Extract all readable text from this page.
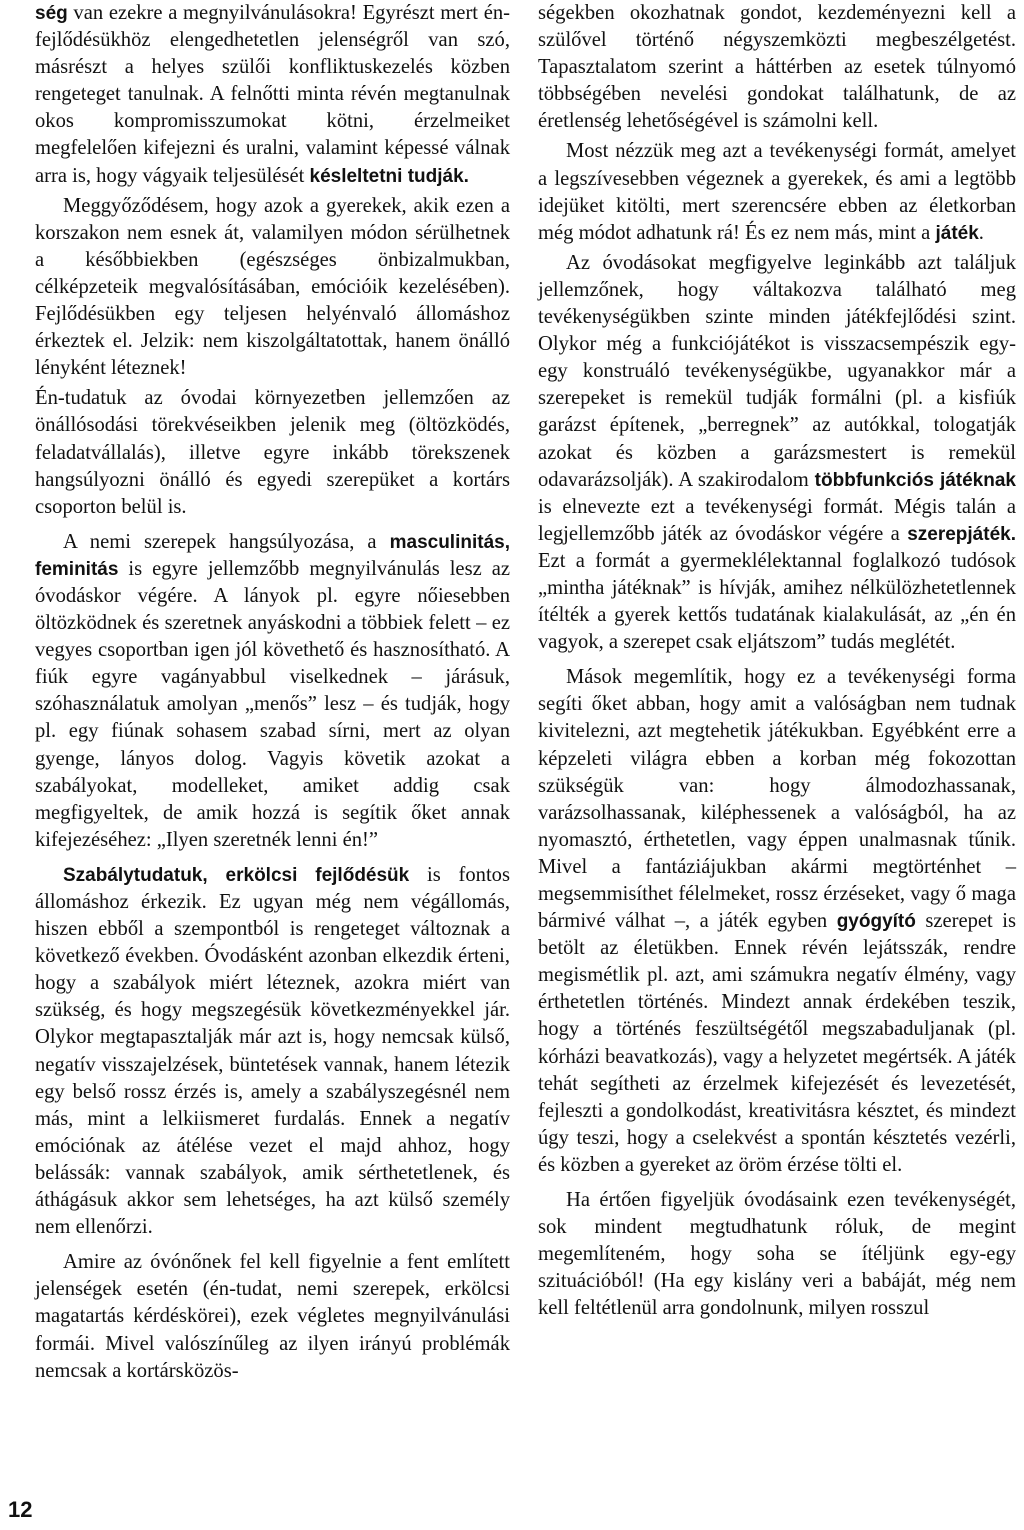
ség van ezekre a megnyilvánulásokra! Egyrészt mert én-fejlődésükhöz elengedhetetlen jelenségről van szó, másrészt a helyes szülői konfliktuskezelés közben rengeteget tanulnak. A felnőtti minta révén megtanulnak okos kompromisszumokat kötni, érzelmeiket megfelelően kifejezni és uralni, valamint képessé válnak arra is, hogy vágyaik teljesülését késleltetni tudják.

Meggyőződésem, hogy azok a gyerekek, akik ezen a korszakon nem esnek át, valamilyen módon sérülhetnek a későbbiekben (egészséges önbizalmukban, célképzeteik megvalósításában, emócióik kezelésében). Fejlődésükben egy teljesen helyénvaló állomáshoz érkeztek el. Jelzik: nem kiszolgáltatottak, hanem önálló lényként léteznek!

Én-tudatuk az óvodai környezetben jellemzően az önállósodási törekvéseikben jelenik meg (öltözködés, feladatvállalás), illetve egyre inkább törekszenek hangsúlyozni önálló és egyedi szerepüket a kortárs csoporton belül is.

A nemi szerepek hangsúlyozása, a masculinitás, feminitás is egyre jellemzőbb megnyilvánulás lesz az óvodáskor végére. A lányok pl. egyre nőiesebben öltözködnek és szeretnek anyáskodni a többiek felett – ez vegyes csoportban igen jól követhető és hasznosítható. A fiúk egyre vagányabbul viselkednek – járásuk, szóhasználatuk amolyan „menős” lesz – és tudják, hogy pl. egy fiúnak sohasem szabad sírni, mert az olyan gyenge, lányos dolog. Vagyis követik azokat a szabályokat, modelleket, amiket addig csak megfigyeltek, de amik hozzá is segítik őket annak kifejezéséhez: „Ilyen szeretnék lenni én!”

Szabálytudatuk, erkölcsi fejlődésük is fontos állomáshoz érkezik. Ez ugyan még nem végállomás, hiszen ebből a szempontból is rengeteget változnak a következő években. Óvodásként azonban elkezdik érteni, hogy a szabályok miért léteznek, azokra miért van szükség, és hogy megszegésük következményekkel jár. Olykor megtapasztalják már azt is, hogy nemcsak külső, negatív visszajelzések, büntetések vannak, hanem létezik egy belső rossz érzés is, amely a szabályszegésnél nem más, mint a lelkiismeret furdalás. Ennek a negatív emóciónak az átélése vezet el majd ahhoz, hogy belássák: vannak szabályok, amik sérthetetlenek, és áthágásuk akkor sem lehetséges, ha azt külső személy nem ellenőrzi.

Amire az óvónőnek fel kell figyelnie a fent említett jelenségek esetén (én-tudat, nemi szerepek, erkölcsi magatartás kérdéskörei), ezek végletes megnyilvánulási formái. Mivel valószínűleg az ilyen irányú problémák nemcsak a kortársközös-

ségekben okozhatnak gondot, kezdeményezni kell a szülővel történő négyszemközti megbeszélgetést. Tapasztalatom szerint a háttérben az esetek túlnyomó többségében nevelési gondokat találhatunk, de az éretlenség lehetőségével is számolni kell.

Most nézzük meg azt a tevékenységi formát, amelyet a legszívesebben végeznek a gyerekek, és ami a legtöbb idejüket kitölti, mert szerencsére ebben az életkorban még módot adhatunk rá! És ez nem más, mint a játék.

Az óvodásokat megfigyelve leginkább azt találjuk jellemzőnek, hogy váltakozva található meg tevékenységükben szinte minden játékfejlődési szint. Olykor még a funkciójátékot is visszacsempészik egy-egy konstruáló tevékenységükbe, ugyanakkor már a szerepeket is remekül tudják formálni (pl. a kisfiúk garázst építenek, „berregnek” az autókkal, tologatják azokat és közben a garázsmestert is remekül odavarázsolják). A szakirodalom többfunkciós játéknak is elnevezte ezt a tevékenységi formát. Mégis talán a legjellemzőbb játék az óvodáskor végére a szerepjáték. Ezt a formát a gyermeklélektannal foglalkozó tudósok „mintha játéknak” is hívják, amihez nélkülözhetetlennek ítélték a gyerek kettős tudatának kialakulását, az „én én vagyok, a szerepet csak eljátszom” tudás meglétét.

Mások megemlítik, hogy ez a tevékenységi forma segíti őket abban, hogy amit a valóságban nem tudnak kivitelezni, azt megtehetik játékukban. Egyébként erre a képzeleti világra ebben a korban még fokozottan szükségük van: hogy álmodozhassanak, varázsolhassanak, kiléphessenek a valóságból, ha az nyomasztó, érthetetlen, vagy éppen unalmasnak tűnik. Mivel a fantáziájukban akármi megtörténhet – megsemmisíthet félelmeket, rossz érzéseket, vagy ő maga bármivé válhat –, a játék egyben gyógyító szerepet is betölt az életükben. Ennek révén lejátsszák, rendre megismétlik pl. azt, ami számukra negatív élmény, vagy érthetetlen történés. Mindezt annak érdekében teszik, hogy a történés feszültségétől megszabaduljanak (pl. kórházi beavatkozás), vagy a helyzetet megértsék. A játék tehát segítheti az érzelmek kifejezését és levezetését, fejleszti a gondolkodást, kreativitásra késztet, és mindezt úgy teszi, hogy a cselekvést a spontán késztetés vezérli, és közben a gyereket az öröm érzése tölti el.

Ha értően figyeljük óvodásaink ezen tevékenységét, sok mindent megtudhatunk róluk, de megint megemlíteném, hogy soha se ítéljünk egy-egy szituációból! (Ha egy kislány veri a babáját, még nem kell feltétlenül arra gondolnunk, milyen rosszul

12
